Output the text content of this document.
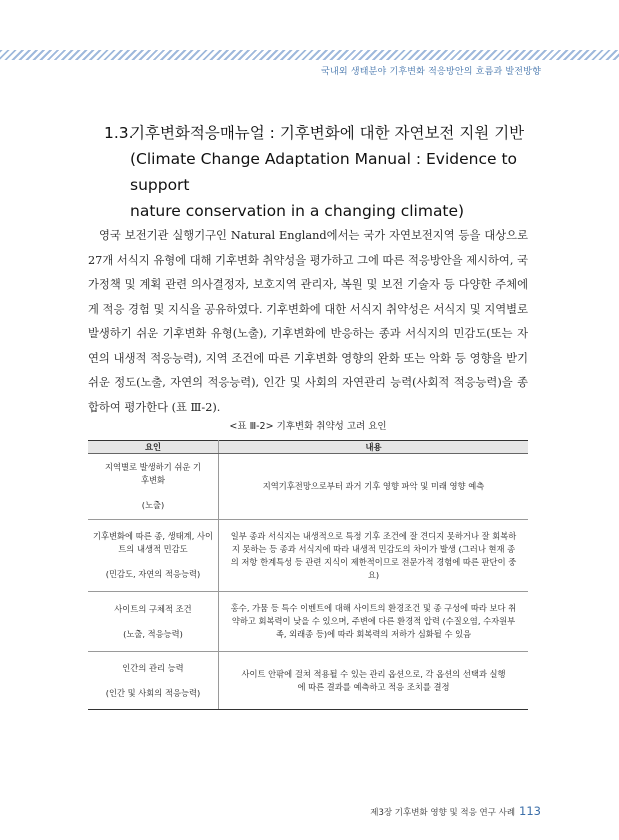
국내외 생태분야 기후변화 적응방안의 흐름과 발전방향
1.3.기후변화적응매뉴얼 : 기후변화에 대한 자연보전 지원 기반
(Climate Change Adaptation Manual : Evidence to support
nature conservation in a changing climate)

영국 보전기관 실행기구인 Natural England에서는 국가 자연보전지역 등을 대상으로 27개 서식지 유형에 대해 기후변화 취약성을 평가하고 그에 따른 적응방안을 제시하여, 국가정책 및 계획 관련 의사결정자, 보호지역 관리자, 복원 및 보전 기술자 등 다양한 주체에게 적응 경험 및 지식을 공유하였다. 기후변화에 대한 서식지 취약성은 서식지 및 지역별로 발생하기 쉬운 기후변화 유형(노출), 기후변화에 반응하는 종과 서식지의 민감도(또는 자연의 내생적 적응능력), 지역 조건에 따른 기후변화 영향의 완화 또는 악화 등 영향을 받기 쉬운 정도(노출, 자연의 적응능력), 인간 및 사회의 자연관리 능력(사회적 적응능력)을 종합하여 평가한다 (표 Ⅲ-2).

<표 Ⅲ-2> 기후변화 취약성 고려 요인
요인	내용

지역별로 발생하기 쉬운 기후변화
(노출)	지역기후전망으로부터 과거 기후 영향 파악 및 미래 영향 예측

기후변화에 따른 종, 생태계, 사이트의 내생적 민감도
(민감도, 자연의 적응능력)	일부 종과 서식지는 내생적으로 특정 기후 조건에 잘 견디지 못하거나 잘 회복하지 못하는 등 종과 서식지에 따라 내생적 민감도의 차이가 발생 (그러나 현재 종의 저항 한계특성 등 관련 지식이 제한적이므로 전문가적 경험에 따른 판단이 중요)

사이트의 구체적 조건
(노출, 적응능력)	홍수, 가뭄 등 특수 이벤트에 대해 사이트의 환경조건 및 종 구성에 따라 보다 취약하고 회복력이 낮을 수 있으며, 주변에 다른 환경적 압력 (수질오염, 수자원부족, 외래종 등)에 따라 회복력의 저하가 심화될 수 있음

인간의 관리 능력
(인간 및 사회의 적응능력)	사이트 안팎에 걸쳐 적용될 수 있는 관리 옵션으로, 각 옵션의 선택과 실행에 따른 결과를 예측하고 적응 조치를 결정
제3장 기후변화 영향 및 적응 연구 사례 113
